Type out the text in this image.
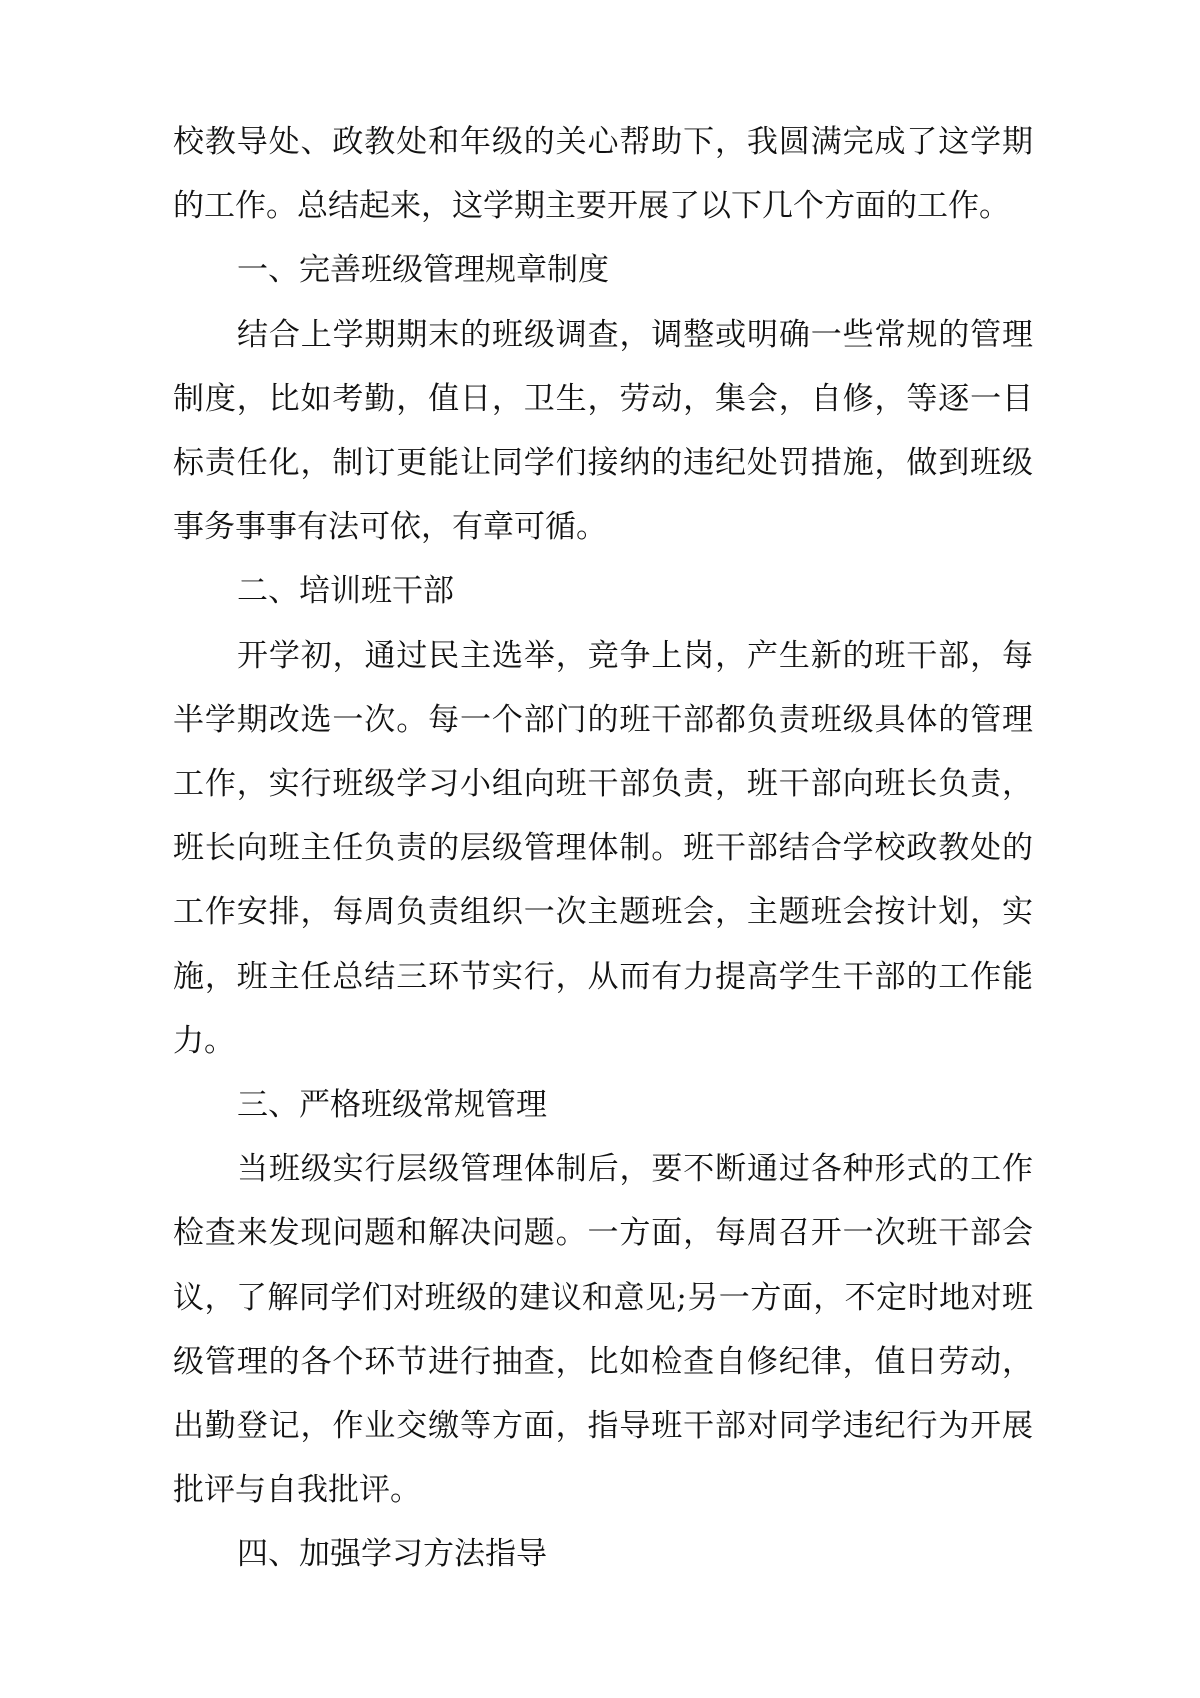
校教导处、政教处和年级的关心帮助下，我圆满完成了这学期的工作。总结起来，这学期主要开展了以下几个方面的工作。

一、完善班级管理规章制度

结合上学期期末的班级调查，调整或明确一些常规的管理制度，比如考勤，值日，卫生，劳动，集会，自修，等逐一目标责任化，制订更能让同学们接纳的违纪处罚措施，做到班级事务事事有法可依，有章可循。

二、培训班干部

开学初，通过民主选举，竞争上岗，产生新的班干部，每半学期改选一次。每一个部门的班干部都负责班级具体的管理工作，实行班级学习小组向班干部负责，班干部向班长负责，班长向班主任负责的层级管理体制。班干部结合学校政教处的工作安排，每周负责组织一次主题班会，主题班会按计划，实施，班主任总结三环节实行，从而有力提高学生干部的工作能力。

三、严格班级常规管理

当班级实行层级管理体制后，要不断通过各种形式的工作检查来发现问题和解决问题。一方面，每周召开一次班干部会议，了解同学们对班级的建议和意见;另一方面，不定时地对班级管理的各个环节进行抽查，比如检查自修纪律，值日劳动，出勤登记，作业交缴等方面，指导班干部对同学违纪行为开展批评与自我批评。

四、加强学习方法指导
